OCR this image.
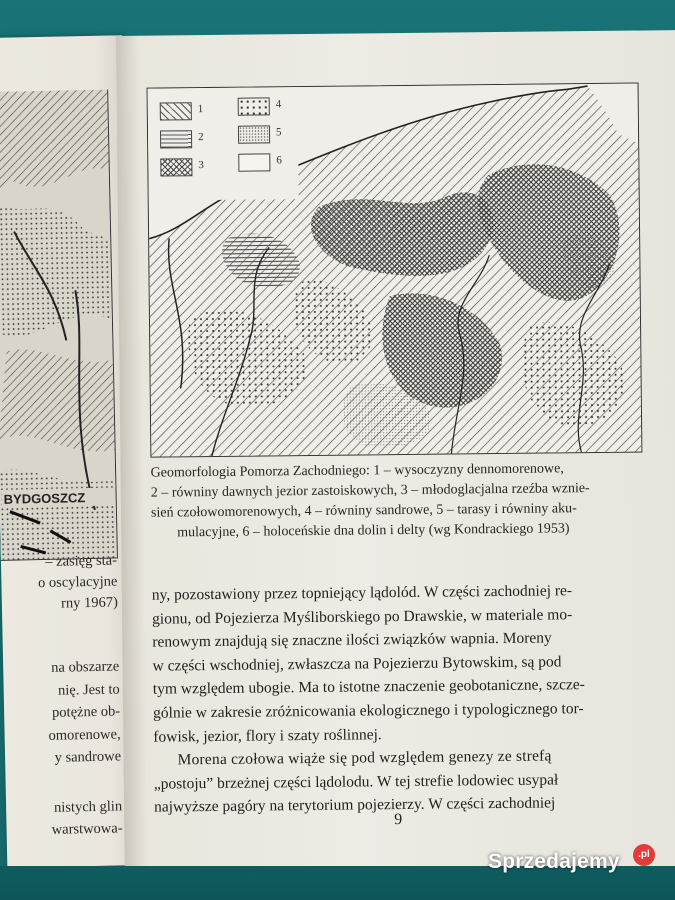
BYDGOSZCZ
– zasięg sta-
o oscylacyjne
rny 1967)
na obszarze
nię. Jest to
potężne ob-
omorenowe,
y sandrowe
nistych glin
warstwowa-
1
2
3
4
5
6
Geomorfologia Pomorza Zachodniego: 1 – wysoczyzny dennomorenowe,
2 – równiny dawnych jezior zastoiskowych, 3 – młodoglacjalna rzeźba wznie-
sień czołowomorenowych, 4 – równiny sandrowe, 5 – tarasy i równiny aku-
mulacyjne, 6 – holoceńskie dna dolin i delty (wg Kondrackiego 1953)
ny, pozostawiony przez topniejący lądolód. W części zachodniej re-
gionu, od Pojezierza Myśliborskiego po Drawskie, w materiale mo-
renowym znajdują się znaczne ilości związków wapnia. Moreny
w części wschodniej, zwłaszcza na Pojezierzu Bytowskim, są pod
tym względem ubogie. Ma to istotne znaczenie geobotaniczne, szcze-
gólnie w zakresie zróżnicowania ekologicznego i typologicznego tor-
fowisk, jezior, flory i szaty roślinnej.
Morena czołowa wiąże się pod względem genezy ze strefą
„postoju” brzeżnej części lądolodu. W tej strefie lodowiec usypał
najwyższe pagóry na terytorium pojezierzy. W części zachodniej
9
Sprzedajemy	.pl
